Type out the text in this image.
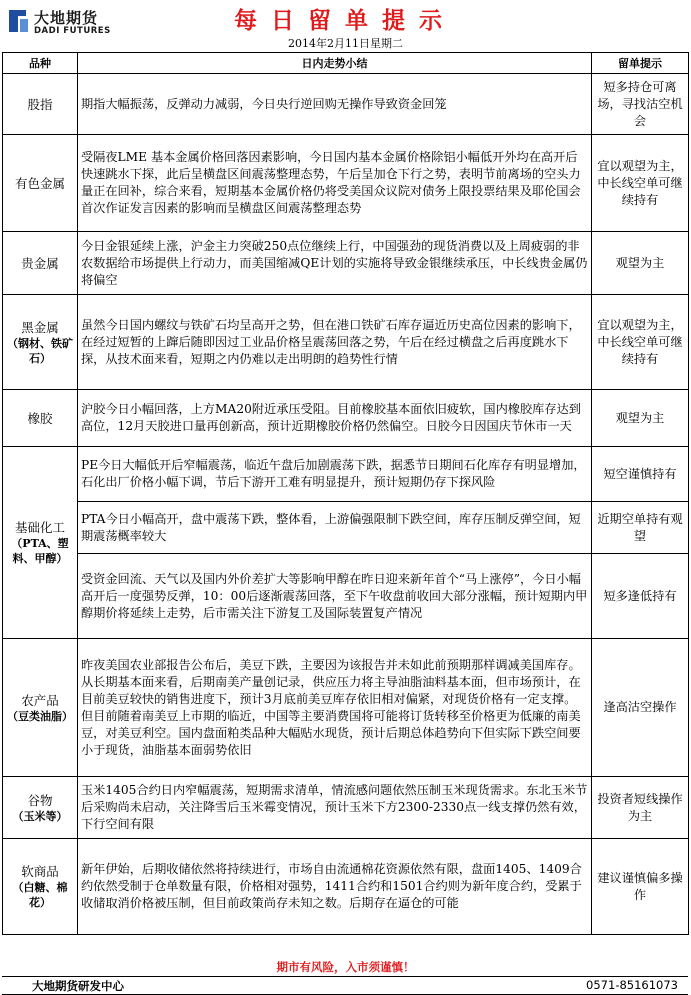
大地期货
DADI FUTURES	每日留单提示
2014年2月11日星期二
品种	日内走势小结	留单提示

股指	期指大幅振荡，反弹动力减弱，今日央行逆回购无操作导致资金回笼	短多持仓可离场，寻找沽空机会

有色金属	受隔夜LME 基本金属价格回落因素影响，今日国内基本金属价格除铝小幅低开外均在高开后快速跳水下探，此后呈横盘区间震荡整理态势，午后呈加仓下行之势，表明节前离场的空头力量正在回补，综合来看，短期基本金属价格仍将受美国众议院对债务上限投票结果及耶伦国会首次作证发言因素的影响而呈横盘区间震荡整理态势	宜以观望为主，中长线空单可继续持有

贵金属	今日金银延续上涨，沪金主力突破250点位继续上行，中国强劲的现货消费以及上周疲弱的非农数据给市场提供上行动力，而美国缩减QE计划的实施将导致金银继续承压，中长线贵金属仍将偏空	观望为主

黑金属
（钢材、铁矿石）	虽然今日国内螺纹与铁矿石均呈高开之势，但在港口铁矿石库存逼近历史高位因素的影响下，在经过短暂的上蹿后随即因过工业品价格呈震荡回落之势，午后在经过横盘之后再度跳水下探，从技术面来看，短期之内仍难以走出明朗的趋势性行情	宜以观望为主，中长线空单可继续持有

橡胶	沪胶今日小幅回落，上方MA20附近承压受阻。目前橡胶基本面依旧疲软，国内橡胶库存达到高位，12月天胶进口量再创新高，预计近期橡胶价格仍然偏空。日胶今日因国庆节休市一天	观望为主

基础化工
（PTA、塑料、甲醇）	PE今日大幅低开后窄幅震荡，临近午盘后加剧震荡下跌，据悉节日期间石化库存有明显增加，石化出厂价格小幅下调，节后下游开工难有明显提升，预计短期仍存下探风险	短空谨慎持有
	PTA今日小幅高开，盘中震荡下跌，整体看，上游偏强限制下跌空间，库存压制反弹空间，短期震荡概率较大	近期空单持有观望
	受资金回流、天气以及国内外价差扩大等影响甲醇在昨日迎来新年首个“马上涨停”，今日小幅高开后一度强势反弹，10：00后逐渐震荡回落，至下午收盘前收回大部分涨幅，预计短期内甲醇期价将延续上走势，后市需关注下游复工及国际装置复产情况	短多逢低持有

农产品
（豆类油脂）	昨夜美国农业部报告公布后，美豆下跌，主要因为该报告并未如此前预期那样调减美国库存。从长期基本面来看，后期南美产量创记录，供应压力将主导油脂油料基本面，但市场预计，在目前美豆较快的销售进度下，预计3月底前美豆库存依旧相对偏紧，对现货价格有一定支撑。但目前随着南美豆上市期的临近，中国等主要消费国将可能将订货转移至价格更为低廉的南美豆，对美豆利空。国内盘面粕类品种大幅贴水现货，预计后期总体趋势向下但实际下跌空间要小于现货，油脂基本面弱势依旧	逢高沽空操作

谷物
（玉米等）	玉米1405合约日内窄幅震荡，短期需求清单，情流感问题依然压制玉米现货需求。东北玉米节后采购尚未启动，关注降雪后玉米霉变情况，预计玉米下方2300-2330点一线支撑仍然有效，下行空间有限	投资者短线操作为主

软商品
（白糖、棉花）	新年伊始，后期收储依然将持续进行，市场自由流通棉花资源依然有限，盘面1405、1409合约依然受制于仓单数量有限，价格相对强势，1411合约和1501合约则为新年度合约，受累于收储取消价格被压制，但目前政策尚存未知之数。后期存在逼仓的可能	建议谨慎偏多操作
期市有风险，入市须谨慎！
大地期货研发中心	0571-85161073
